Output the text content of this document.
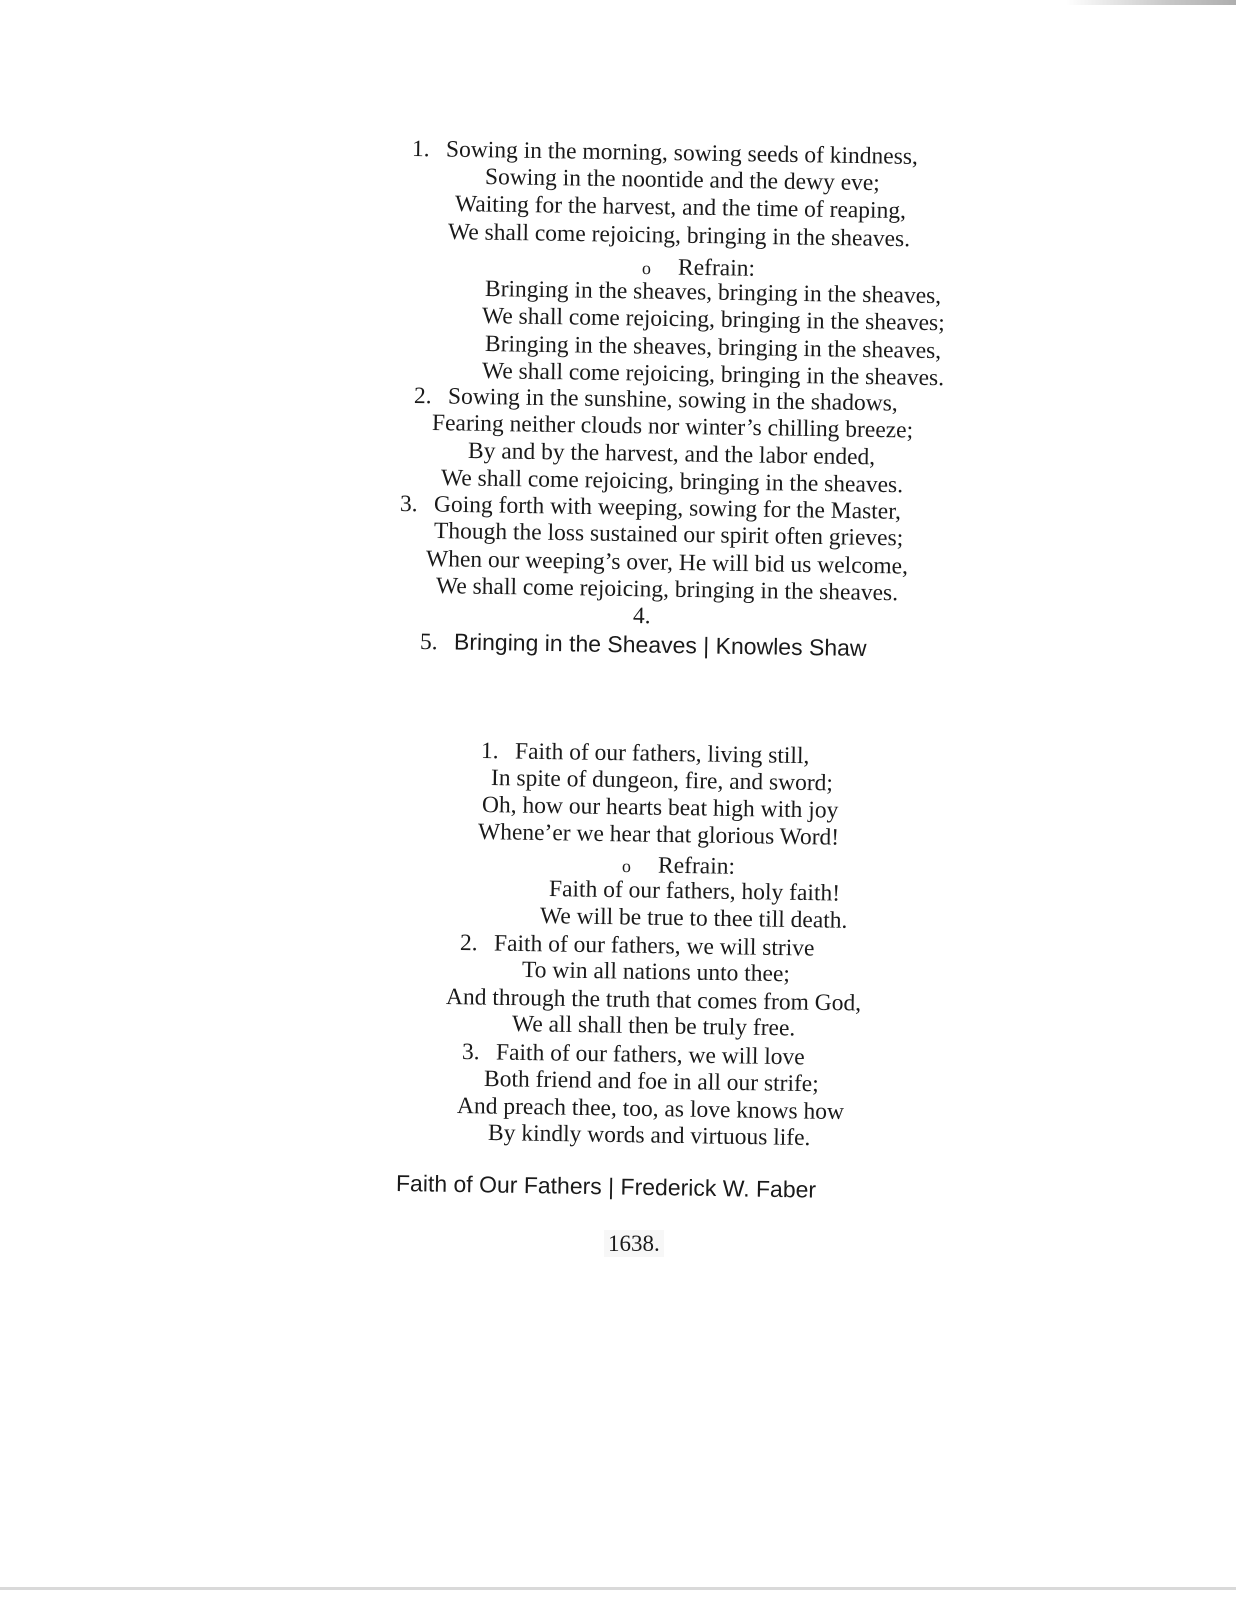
1. Sowing in the morning, sowing seeds of kindness,
Sowing in the noontide and the dewy eve;
Waiting for the harvest, and the time of reaping,
We shall come rejoicing, bringing in the sheaves.
o Refrain:
Bringing in the sheaves, bringing in the sheaves,
We shall come rejoicing, bringing in the sheaves;
Bringing in the sheaves, bringing in the sheaves,
We shall come rejoicing, bringing in the sheaves.
2. Sowing in the sunshine, sowing in the shadows,
Fearing neither clouds nor winter’s chilling breeze;
By and by the harvest, and the labor ended,
We shall come rejoicing, bringing in the sheaves.
3. Going forth with weeping, sowing for the Master,
Though the loss sustained our spirit often grieves;
When our weeping’s over, He will bid us welcome,
We shall come rejoicing, bringing in the sheaves.
4.
5. Bringing in the Sheaves | Knowles Shaw
1. Faith of our fathers, living still,
In spite of dungeon, fire, and sword;
Oh, how our hearts beat high with joy
Whene’er we hear that glorious Word!
o Refrain:
Faith of our fathers, holy faith!
We will be true to thee till death.
2. Faith of our fathers, we will strive
To win all nations unto thee;
And through the truth that comes from God,
We all shall then be truly free.
3. Faith of our fathers, we will love
Both friend and foe in all our strife;
And preach thee, too, as love knows how
By kindly words and virtuous life.
Faith of Our Fathers | Frederick W. Faber
1638.
